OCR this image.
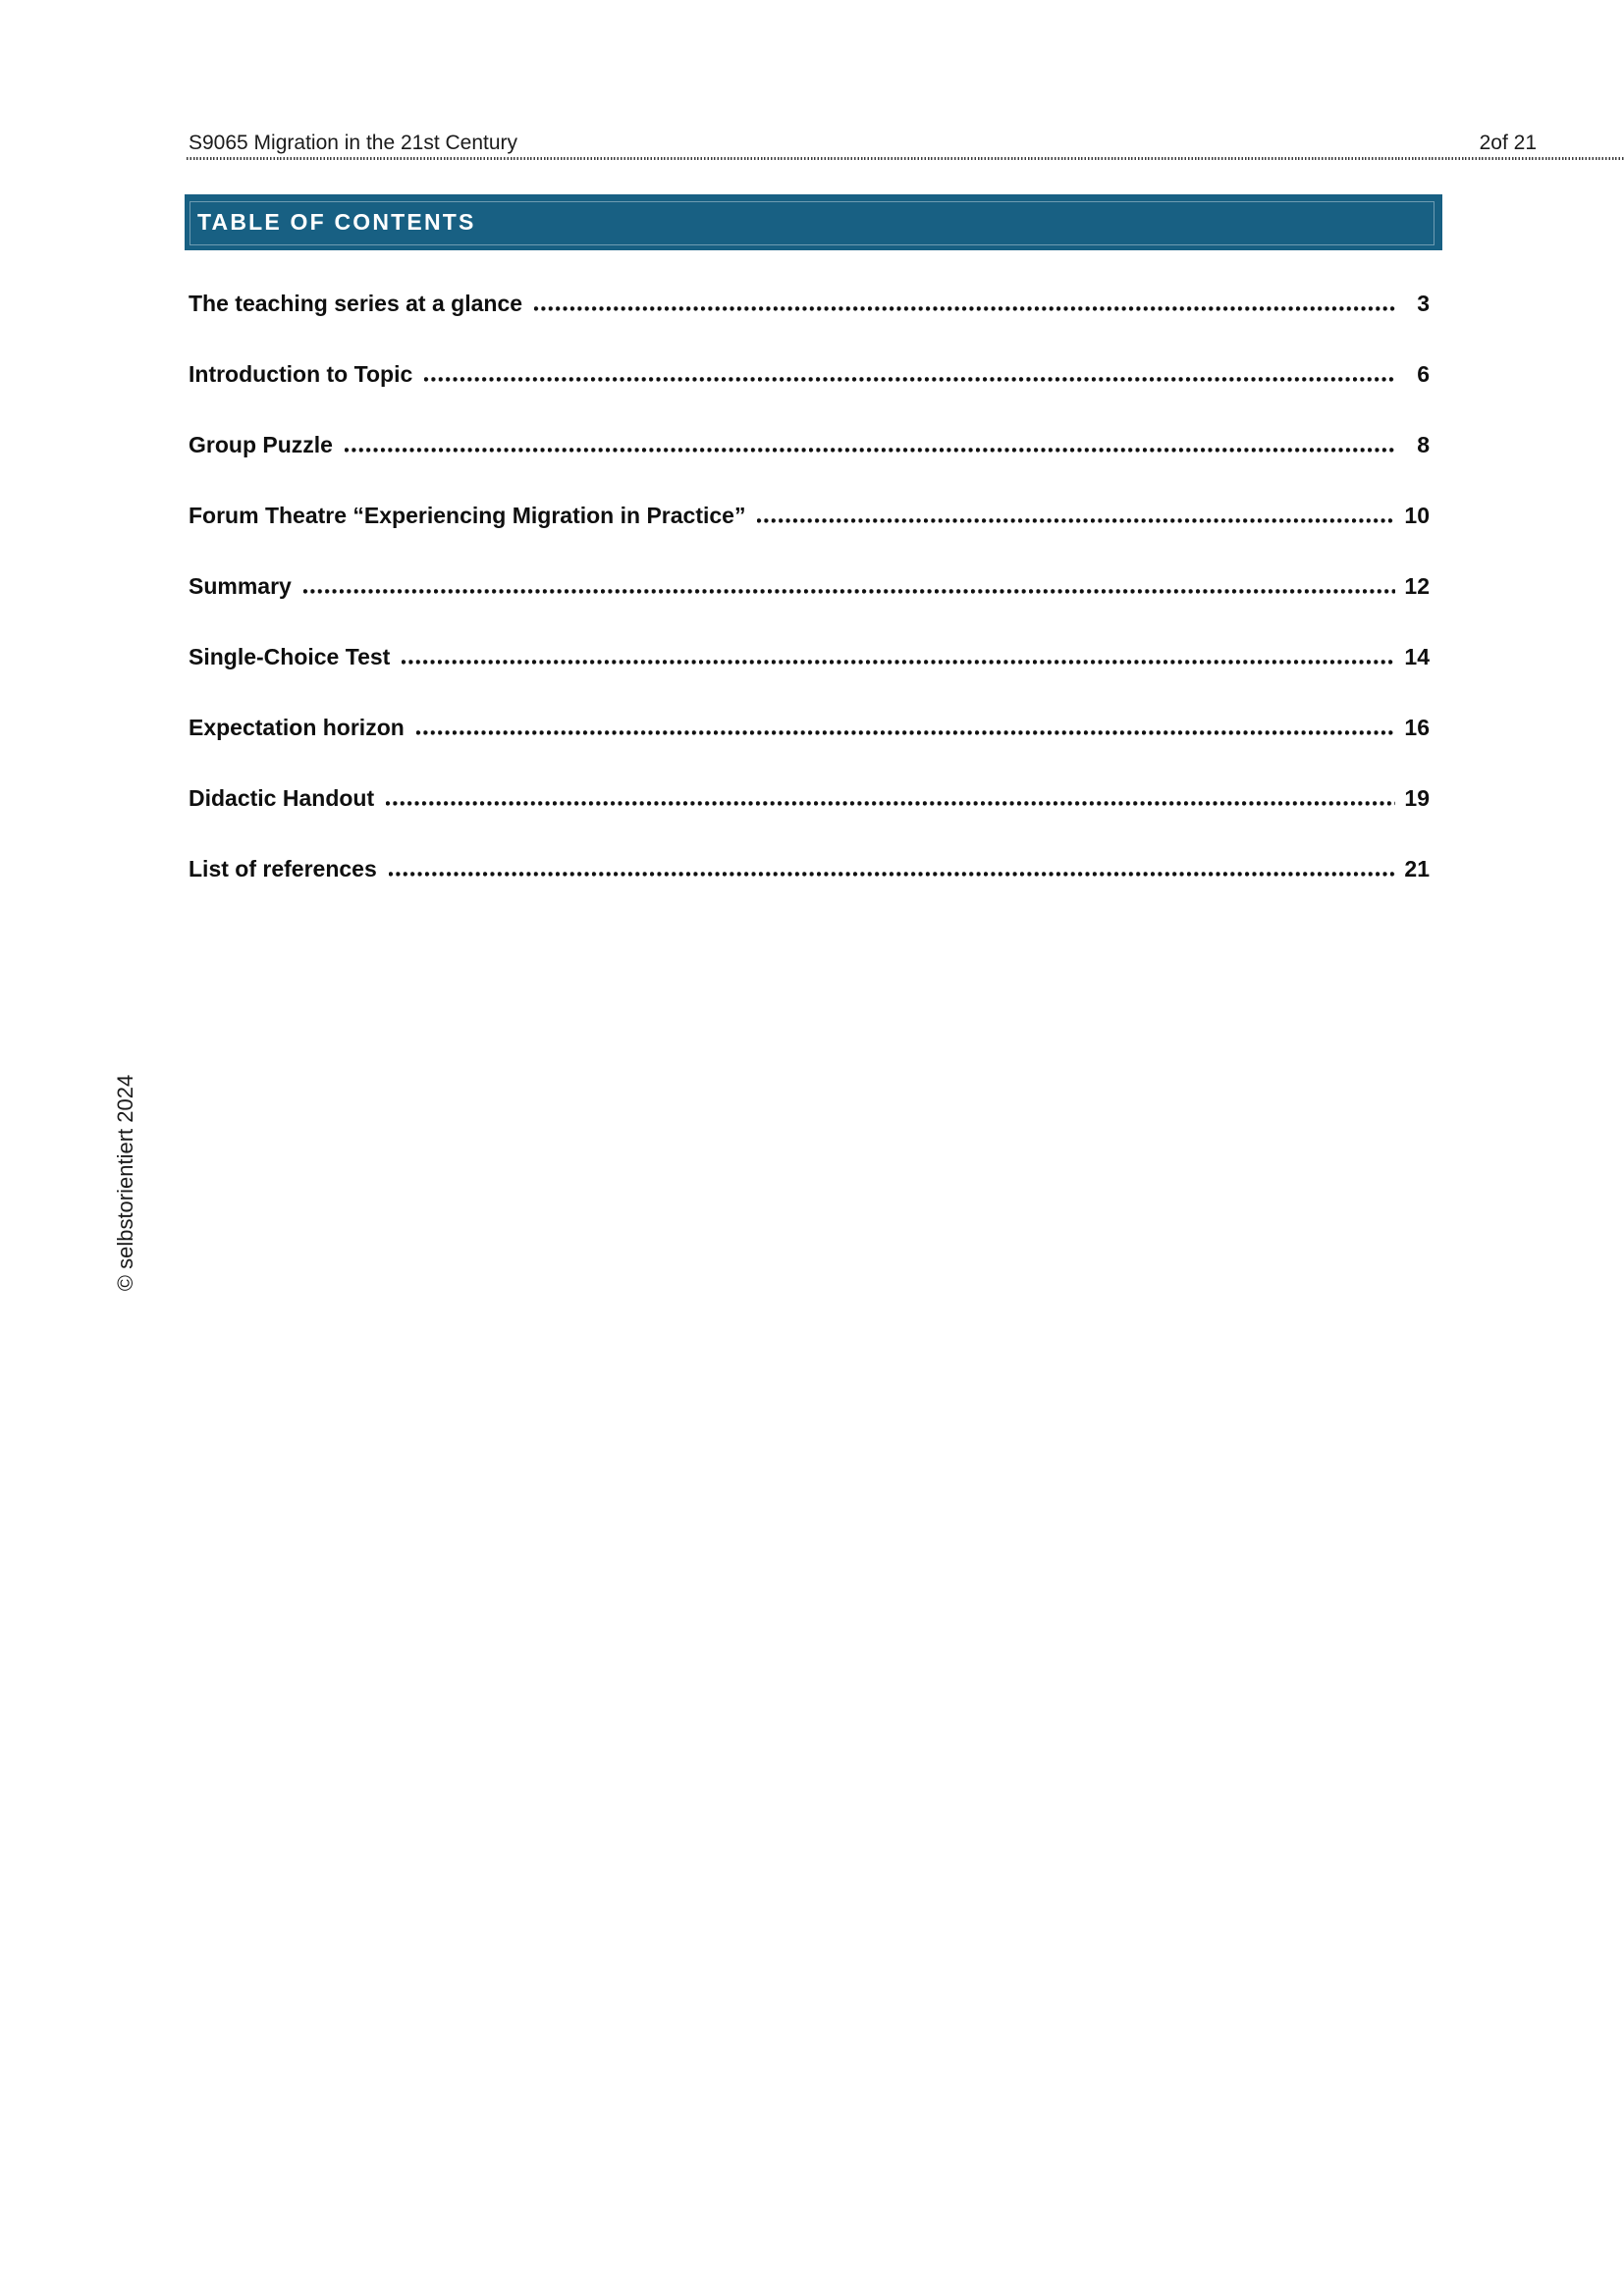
S9065 Migration in the 21st Century	2of 21
TABLE OF CONTENTS
The teaching series at a glance	3
Introduction to Topic	6
Group Puzzle	8
Forum Theatre “Experiencing Migration in Practice”	10
Summary	12
Single-Choice Test	14
Expectation horizon	16
Didactic Handout	19
List of references	21
© selbstorientiert 2024
